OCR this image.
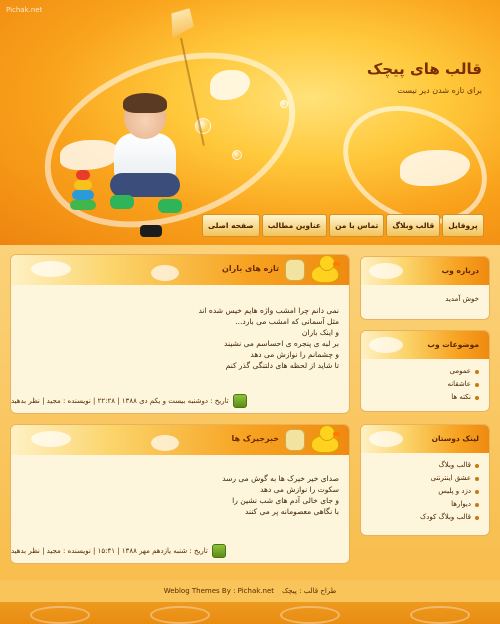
Pichak.net
قالب های پیچک
برای تازه شدن دیر نیست
صفحه اصلی	عناوین مطالب	تماس با من	قالب وبلاگ	پروفایل
تازه های باران
نمی دانم چرا امشب واژه هایم خیس شده اند
مثل آسمانی که امشب می بارد...
و اینک باران
بر لبه ی پنجره ی احساسم می نشیند
و چشمانم را نوازش می دهد
تا شاید از لحظه های دلتنگی گذر کنم
تاریخ : دوشنبه بیست و یکم دی ۱۳۸۸ | ۲۲:۲۸ | نویسنده : مجید | نظر بدهید
خبرجیرک ها
صدای خیر خیرک ها به گوش می رسد
سکوت را نوازش می دهد
و جای خالی آدم های شب نشین را
با نگاهی معصومانه پر می کنند
تاریخ : شنبه یازدهم مهر ۱۳۸۸ | ۱۵:۴۱ | نویسنده : مجید | نظر بدهید
درباره وب
خوش آمدید
موضوعات وب
عمومی
عاشقانه
نکته ها
لینک دوستان
قالب وبلاگ
عشق اینترنتی
دزد و پلیس
دیوارها
قالب وبلاگ کودک
Weblog Themes By : Pichak.net طراح قالب : پیچک
